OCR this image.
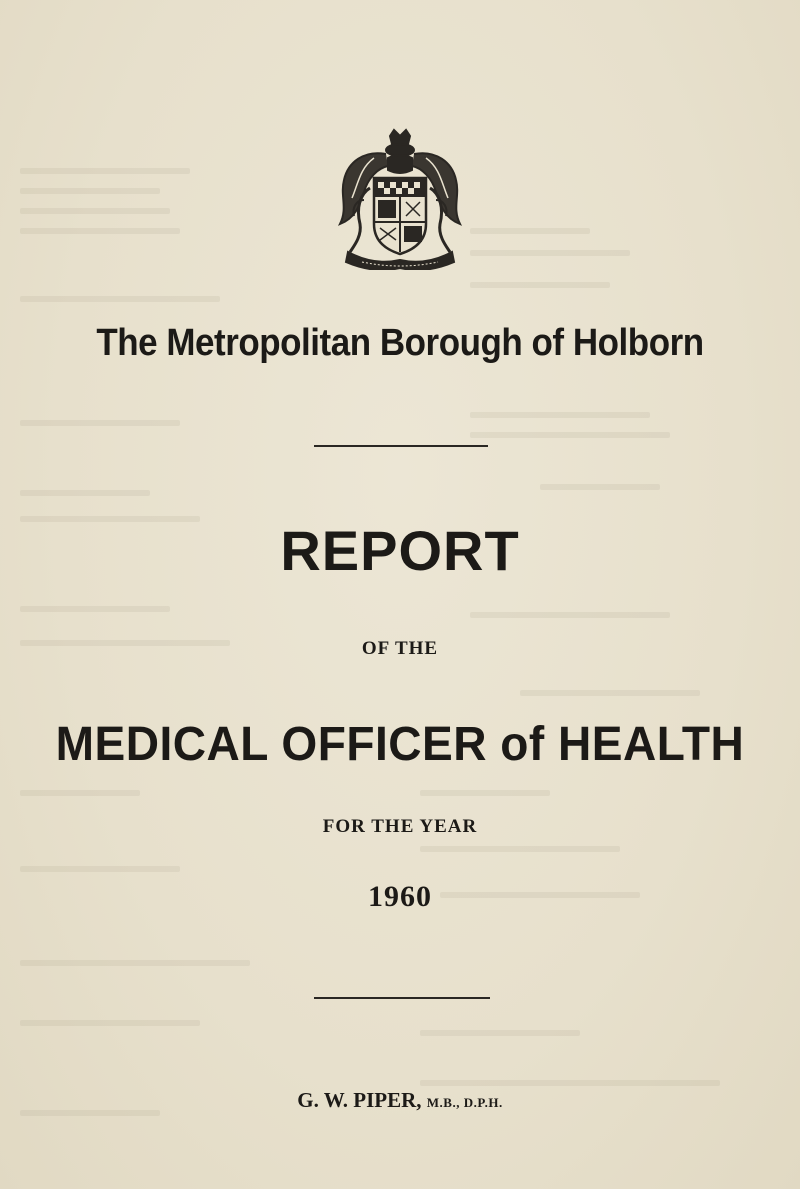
The Metropolitan Borough of Holborn
REPORT
OF THE
MEDICAL OFFICER of HEALTH
FOR THE YEAR
1960
G. W. PIPER, M.B., D.P.H.
